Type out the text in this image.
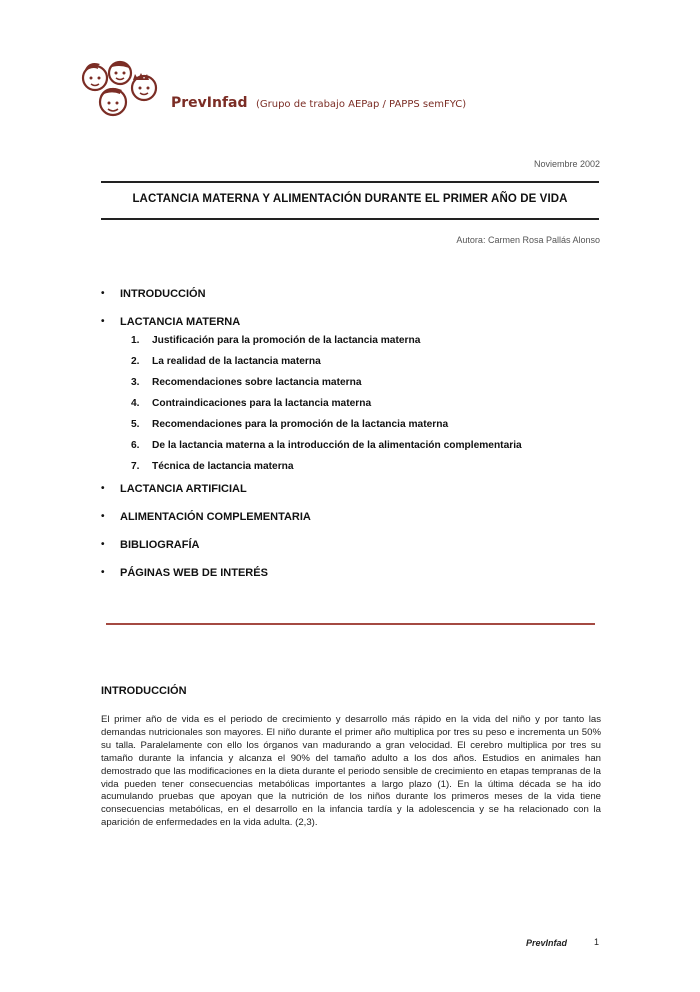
PrevInfad (Grupo de trabajo AEPap / PAPPS semFYC)
Noviembre 2002
LACTANCIA MATERNA Y ALIMENTACIÓN DURANTE EL PRIMER AÑO DE VIDA
Autora: Carmen Rosa Pallás Alonso
• INTRODUCCIÓN
• LACTANCIA MATERNA
1. Justificación para la promoción de la lactancia materna
2. La realidad de la lactancia materna
3. Recomendaciones sobre lactancia materna
4. Contraindicaciones para la lactancia materna
5. Recomendaciones para la promoción de la lactancia materna
6. De la lactancia materna a la introducción de la alimentación complementaria
7. Técnica de lactancia materna
• LACTANCIA ARTIFICIAL
• ALIMENTACIÓN COMPLEMENTARIA
• BIBLIOGRAFÍA
• PÁGINAS WEB DE INTERÉS
INTRODUCCIÓN
El primer año de vida es el periodo de crecimiento y desarrollo más rápido en la vida del niño y por tanto las demandas nutricionales son mayores. El niño durante el primer año multiplica por tres su peso e incrementa un 50% su talla. Paralelamente con ello los órganos van madurando a gran velocidad. El cerebro multiplica por tres su tamaño durante la infancia y alcanza el 90% del tamaño adulto a los dos años. Estudios en animales han demostrado que las modificaciones en la dieta durante el periodo sensible de crecimiento en etapas tempranas de la vida pueden tener consecuencias metabólicas importantes a largo plazo (1). En la última década se ha ido acumulando pruebas que apoyan que la nutrición de los niños durante los primeros meses de la vida tiene consecuencias metabólicas, en el desarrollo en la infancia tardía y la adolescencia y se ha relacionado con la aparición de enfermedades en la vida adulta. (2,3).
PrevInfad	1
